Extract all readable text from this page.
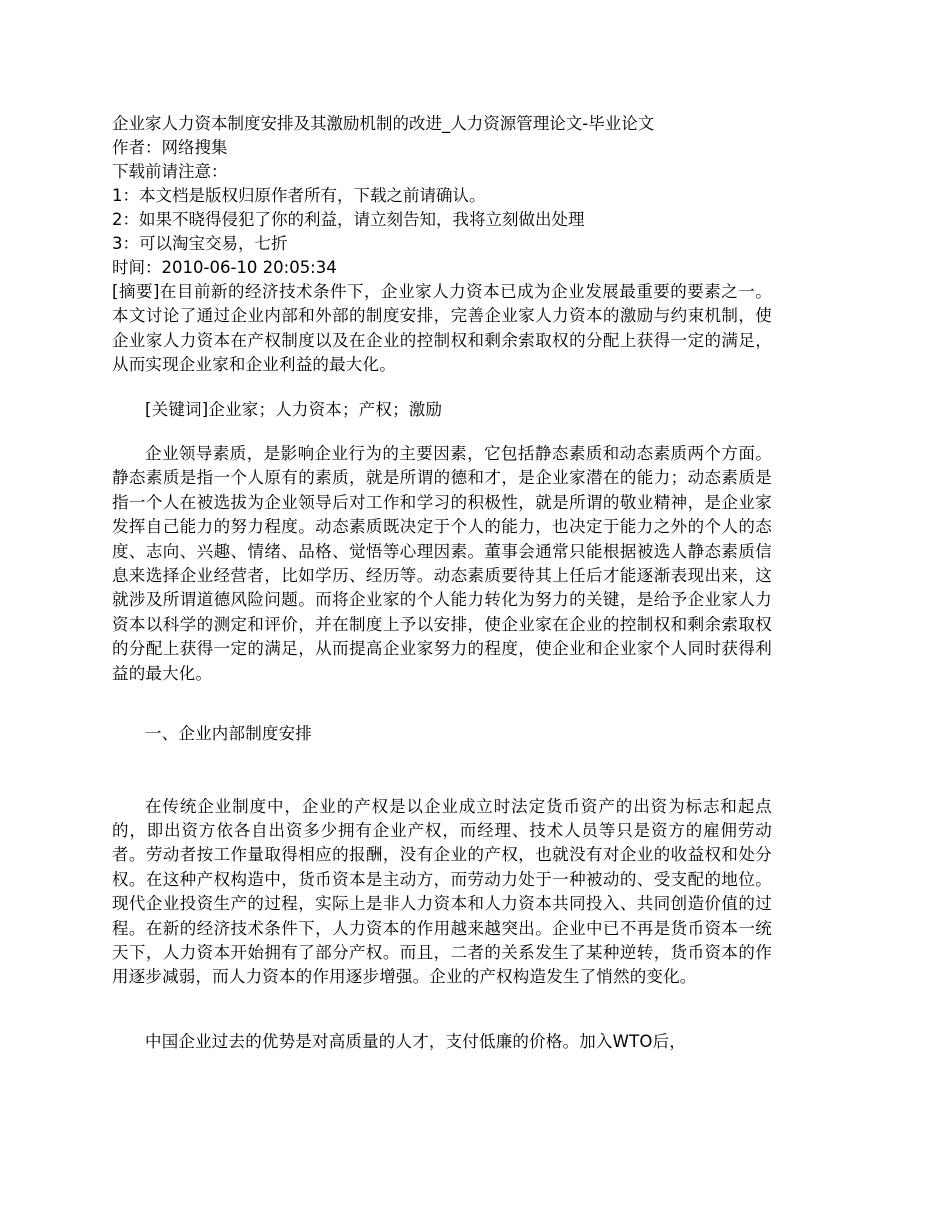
企业家人力资本制度安排及其激励机制的改进_人力资源管理论文-毕业论文
作者：网络搜集
下载前请注意：
1：本文档是版权归原作者所有，下载之前请确认。
2：如果不晓得侵犯了你的利益，请立刻告知，我将立刻做出处理
3：可以淘宝交易，七折
时间：2010-06-10 20:05:34

[摘要]在目前新的经济技术条件下，企业家人力资本已成为企业发展最重要的要素之一。本文讨论了通过企业内部和外部的制度安排，完善企业家人力资本的激励与约束机制，使企业家人力资本在产权制度以及在企业的控制权和剩余索取权的分配上获得一定的满足，从而实现企业家和企业利益的最大化。

[关键词]企业家；人力资本；产权；激励

企业领导素质，是影响企业行为的主要因素，它包括静态素质和动态素质两个方面。静态素质是指一个人原有的素质，就是所谓的德和才，是企业家潜在的能力；动态素质是指一个人在被选拔为企业领导后对工作和学习的积极性，就是所谓的敬业精神，是企业家发挥自己能力的努力程度。动态素质既决定于个人的能力，也决定于能力之外的个人的态度、志向、兴趣、情绪、品格、觉悟等心理因素。董事会通常只能根据被选人静态素质信息来选择企业经营者，比如学历、经历等。动态素质要待其上任后才能逐渐表现出来，这就涉及所谓道德风险问题。而将企业家的个人能力转化为努力的关键，是给予企业家人力资本以科学的测定和评价，并在制度上予以安排，使企业家在企业的控制权和剩余索取权的分配上获得一定的满足，从而提高企业家努力的程度，使企业和企业家个人同时获得利益的最大化。

一、企业内部制度安排

在传统企业制度中，企业的产权是以企业成立时法定货币资产的出资为标志和起点的，即出资方依各自出资多少拥有企业产权，而经理、技术人员等只是资方的雇佣劳动者。劳动者按工作量取得相应的报酬，没有企业的产权，也就没有对企业的收益权和处分权。在这种产权构造中，货币资本是主动方，而劳动力处于一种被动的、受支配的地位。现代企业投资生产的过程，实际上是非人力资本和人力资本共同投入、共同创造价值的过程。在新的经济技术条件下，人力资本的作用越来越突出。企业中已不再是货币资本一统天下，人力资本开始拥有了部分产权。而且，二者的关系发生了某种逆转，货币资本的作用逐步减弱，而人力资本的作用逐步增强。企业的产权构造发生了悄然的变化。

中国企业过去的优势是对高质量的人才，支付低廉的价格。加入WTO后，
